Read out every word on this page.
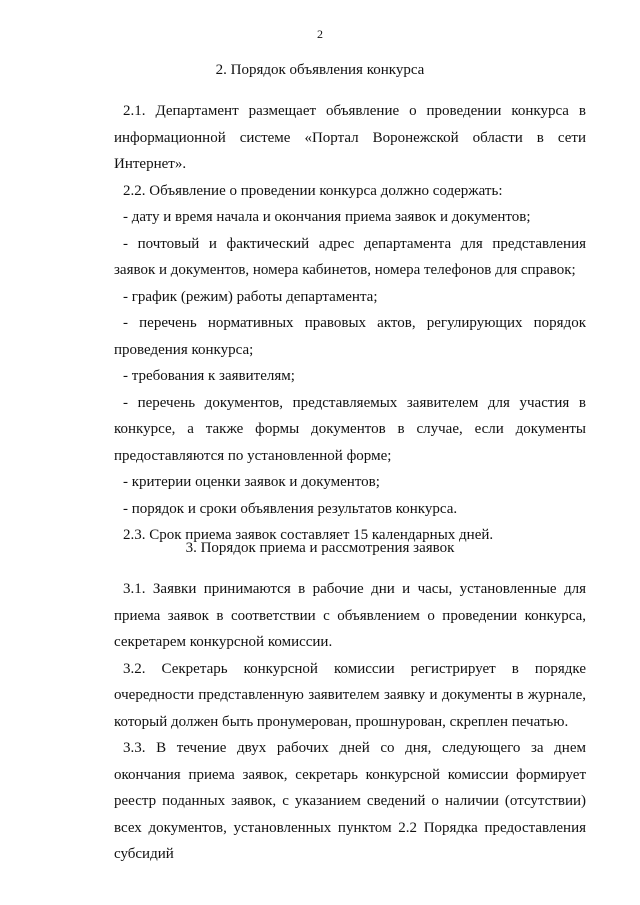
2
2. Порядок объявления конкурса

2.1. Департамент размещает объявление о проведении конкурса в информационной системе «Портал Воронежской области в сети Интернет».

2.2. Объявление о проведении конкурса должно содержать:

- дату и время начала и окончания приема заявок и документов;

- почтовый и фактический адрес департамента для представления заявок и документов, номера кабинетов, номера телефонов для справок;

- график (режим) работы департамента;

- перечень нормативных правовых актов, регулирующих порядок проведения конкурса;

- требования к заявителям;

- перечень документов, представляемых заявителем для участия в конкурсе, а также формы документов в случае, если документы предоставляются по установленной форме;

- критерии оценки заявок и документов;

- порядок и сроки объявления результатов конкурса.

2.3. Срок приема заявок составляет 15 календарных дней.

3. Порядок приема и рассмотрения заявок

3.1. Заявки принимаются в рабочие дни и часы, установленные для приема заявок в соответствии с объявлением о проведении конкурса, секретарем конкурсной комиссии.

3.2. Секретарь конкурсной комиссии регистрирует в порядке очередности представленную заявителем заявку и документы в журнале, который должен быть пронумерован, прошнурован, скреплен печатью.

3.3. В течение двух рабочих дней со дня, следующего за днем окончания приема заявок, секретарь конкурсной комиссии формирует реестр поданных заявок, с указанием сведений о наличии (отсутствии) всех документов, установленных пунктом 2.2 Порядка предоставления субсидий
